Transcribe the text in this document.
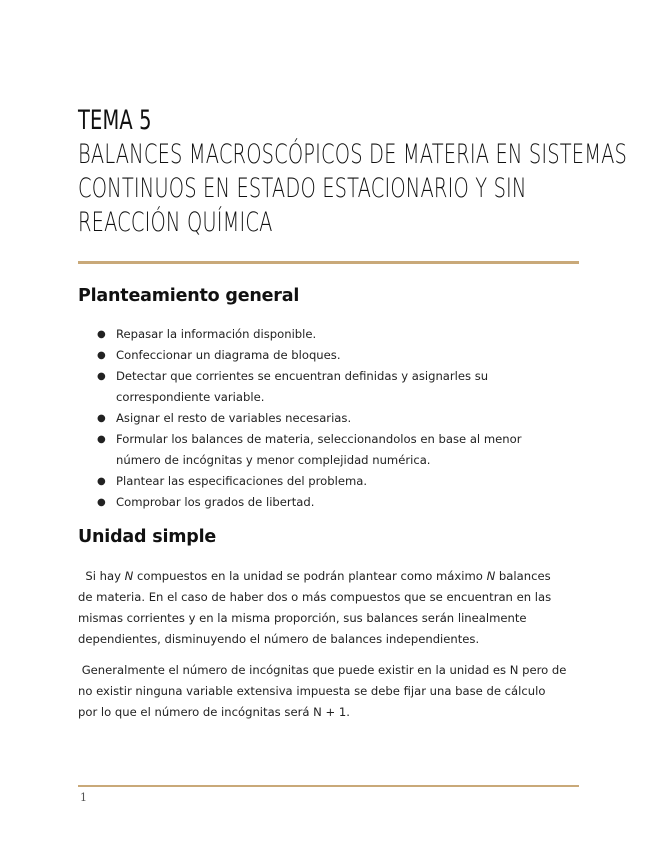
TEMA 5

BALANCES MACROSCÓPICOS DE MATERIA EN SISTEMAS

CONTINUOS EN ESTADO ESTACIONARIO Y SIN

REACCIÓN QUÍMICA

Planteamiento general
● Repasar la información disponible.
● Confeccionar un diagrama de bloques.
● Detectar que corrientes se encuentran definidas y asignarles su correspondiente variable.
● Asignar el resto de variables necesarias.
● Formular los balances de materia, seleccionandolos en base al menor número de incógnitas y menor complejidad numérica.
● Plantear las especificaciones del problema.
● Comprobar los grados de libertad.
Unidad simple

Si hay N compuestos en la unidad se podrán plantear como máximo N balances de materia. En el caso de haber dos o más compuestos que se encuentran en las mismas corrientes y en la misma proporción, sus balances serán linealmente dependientes, disminuyendo el número de balances independientes.

Generalmente el número de incógnitas que puede existir en la unidad es N pero de no existir ninguna variable extensiva impuesta se debe fijar una base de cálculo por lo que el número de incógnitas será N + 1.

1
